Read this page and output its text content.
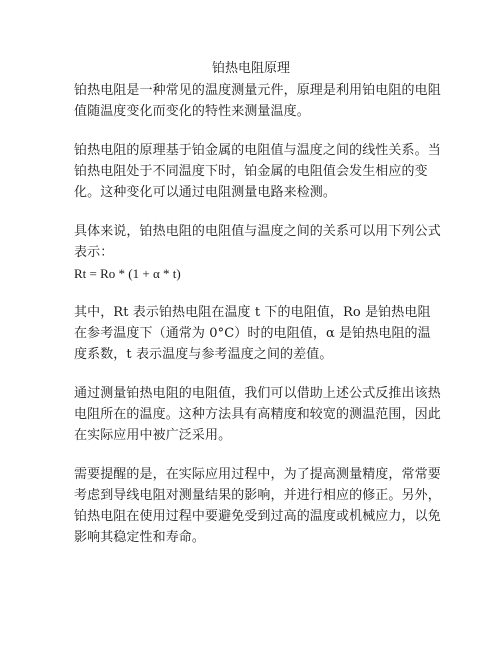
铂热电阻原理

铂热电阻是一种常见的温度测量元件，原理是利用铂电阻的电阻值随温度变化而变化的特性来测量温度。

铂热电阻的原理基于铂金属的电阻值与温度之间的线性关系。当铂热电阻处于不同温度下时，铂金属的电阻值会发生相应的变化。这种变化可以通过电阻测量电路来检测。

具体来说，铂热电阻的电阻值与温度之间的关系可以用下列公式表示：

Rt = Ro * (1 + α * t)

其中，Rt 表示铂热电阻在温度 t 下的电阻值，Ro 是铂热电阻在参考温度下（通常为 0°C）时的电阻值，α 是铂热电阻的温度系数，t 表示温度与参考温度之间的差值。

通过测量铂热电阻的电阻值，我们可以借助上述公式反推出该热电阻所在的温度。这种方法具有高精度和较宽的测温范围，因此在实际应用中被广泛采用。

需要提醒的是，在实际应用过程中，为了提高测量精度，常常要考虑到导线电阻对测量结果的影响，并进行相应的修正。另外，铂热电阻在使用过程中要避免受到过高的温度或机械应力，以免影响其稳定性和寿命。
